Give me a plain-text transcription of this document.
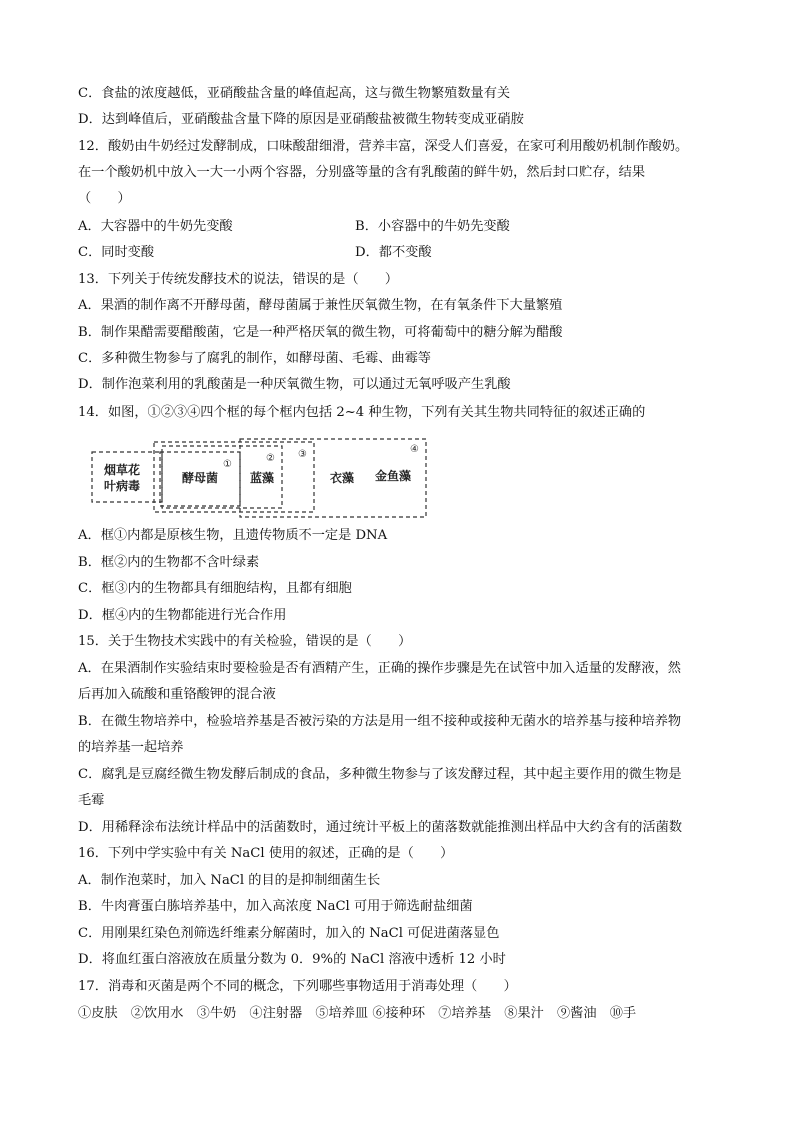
C．食盐的浓度越低，亚硝酸盐含量的峰值起高，这与微生物繁殖数量有关
D．达到峰值后，亚硝酸盐含量下降的原因是亚硝酸盐被微生物转变成亚硝胺
12．酸奶由牛奶经过发酵制成，口味酸甜细滑，营养丰富，深受人们喜爱，在家可利用酸奶机制作酸奶。
在一个酸奶机中放入一大一小两个容器，分别盛等量的含有乳酸菌的鲜牛奶，然后封口贮存，结果
（　　）
A．大容器中的牛奶先变酸	B．小容器中的牛奶先变酸
C．同时变酸	D．都不变酸
13．下列关于传统发酵技术的说法，错误的是（　　）
A．果酒的制作离不开酵母菌，酵母菌属于兼性厌氧微生物，在有氧条件下大量繁殖
B．制作果醋需要醋酸菌，它是一种严格厌氧的微生物，可将葡萄中的糖分解为醋酸
C．多种微生物参与了腐乳的制作，如酵母菌、毛霉、曲霉等
D．制作泡菜利用的乳酸菌是一种厌氧微生物，可以通过无氧呼吸产生乳酸
14．如图，①②③④四个框的每个框内包括 2~4 种生物，下列有关其生物共同特征的叙述正确的
烟草花
叶病毒
酵母菌	蓝藻	衣藻 金鱼藻
①
② ③	④
A．框①内都是原核生物，且遗传物质不一定是 DNA
B．框②内的生物都不含叶绿素
C．框③内的生物都具有细胞结构，且都有细胞
D．框④内的生物都能进行光合作用
15．关于生物技术实践中的有关检验，错误的是（　　）
A．在果酒制作实验结束时要检验是否有酒精产生，正确的操作步骤是先在试管中加入适量的发酵液，然
后再加入硫酸和重铬酸钾的混合液
B．在微生物培养中，检验培养基是否被污染的方法是用一组不接种或接种无菌水的培养基与接种培养物
的培养基一起培养
C．腐乳是豆腐经微生物发酵后制成的食品，多种微生物参与了该发酵过程，其中起主要作用的微生物是
毛霉
D．用稀释涂布法统计样品中的活菌数时，通过统计平板上的菌落数就能推测出样品中大约含有的活菌数
16．下列中学实验中有关 NaCl 使用的叙述，正确的是（　　）
A．制作泡菜时，加入 NaCl 的目的是抑制细菌生长
B．牛肉膏蛋白胨培养基中，加入高浓度 NaCl 可用于筛选耐盐细菌
C．用刚果红染色剂筛选纤维素分解菌时，加入的 NaCl 可促进菌落显色
D．将血红蛋白溶液放在质量分数为 0．9%的 NaCl 溶液中透析 12 小时
17．消毒和灭菌是两个不同的概念，下列哪些事物适用于消毒处理（　　）
①皮肤　②饮用水　③牛奶　④注射器　⑤培养皿 ⑥接种环　⑦培养基　⑧果汁　⑨酱油　⑩手
